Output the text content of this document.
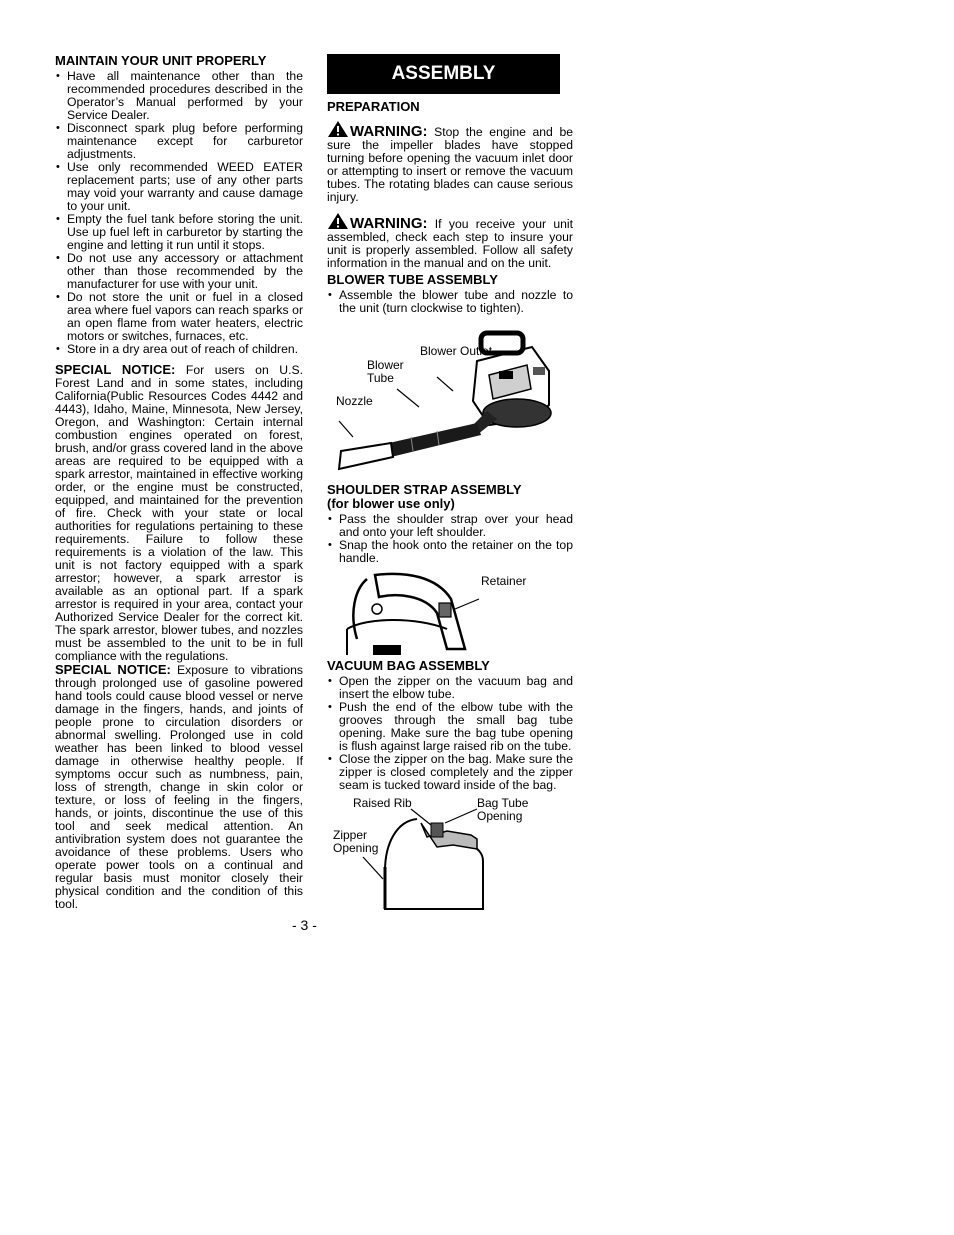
MAINTAIN YOUR UNIT PROPERLY
• Have all maintenance other than the recommended procedures described in the Operator’s Manual performed by your Service Dealer.
• Disconnect spark plug before performing maintenance except for carburetor adjustments.
• Use only recommended WEED EATER replacement parts; use of any other parts may void your warranty and cause damage to your unit.
• Empty the fuel tank before storing the unit. Use up fuel left in carburetor by starting the engine and letting it run until it stops.
• Do not use any accessory or attachment other than those recommended by the manufacturer for use with your unit.
• Do not store the unit or fuel in a closed area where fuel vapors can reach sparks or an open flame from water heaters, electric motors or switches, furnaces, etc.
• Store in a dry area out of reach of children.

SPECIAL NOTICE: For users on U.S. Forest Land and in some states, including California(Public Resources Codes 4442 and 4443), Idaho, Maine, Minnesota, New Jersey, Oregon, and Washington: Certain internal combustion engines operated on forest, brush, and/or grass covered land in the above areas are required to be equipped with a spark arrestor, maintained in effective working order, or the engine must be constructed, equipped, and maintained for the prevention of fire. Check with your state or local authorities for regulations pertaining to these requirements. Failure to follow these requirements is a violation of the law. This unit is not factory equipped with a spark arrestor; however, a spark arrestor is available as an optional part. If a spark arrestor is required in your area, contact your Authorized Service Dealer for the correct kit. The spark arrestor, blower tubes, and nozzles must be assembled to the unit to be in full compliance with the regulations.

SPECIAL NOTICE: Exposure to vibrations through prolonged use of gasoline powered hand tools could cause blood vessel or nerve damage in the fingers, hands, and joints of people prone to circulation disorders or abnormal swelling. Prolonged use in cold weather has been linked to blood vessel damage in otherwise healthy people. If symptoms occur such as numbness, pain, loss of strength, change in skin color or texture, or loss of feeling in the fingers, hands, or joints, discontinue the use of this tool and seek medical attention. An antivibration system does not guarantee the avoidance of these problems. Users who operate power tools on a continual and regular basis must monitor closely their physical condition and the condition of this tool.

ASSEMBLY
PREPARATION

WARNING: Stop the engine and be sure the impeller blades have stopped turning before opening the vacuum inlet door or attempting to insert or remove the vacuum tubes. The rotating blades can cause serious injury.

WARNING: If you receive your unit assembled, check each step to insure your unit is properly assembled. Follow all safety information in the manual and on the unit.

BLOWER TUBE ASSEMBLY
• Assemble the blower tube and nozzle to the unit (turn clockwise to tighten).
Blower Outlet
Blower Tube
Nozzle
SHOULDER STRAP ASSEMBLY
(for blower use only)
• Pass the shoulder strap over your head and onto your left shoulder.
• Snap the hook onto the retainer on the top handle.
Retainer
VACUUM BAG ASSEMBLY
• Open the zipper on the vacuum bag and insert the elbow tube.
• Push the end of the elbow tube with the grooves through the small bag tube opening. Make sure the bag tube opening is flush against large raised rib on the tube.
• Close the zipper on the bag. Make sure the zipper is closed completely and the zipper seam is tucked toward inside of the bag.
Raised Rib	Bag Tube Opening
Zipper Opening
- 3 -
